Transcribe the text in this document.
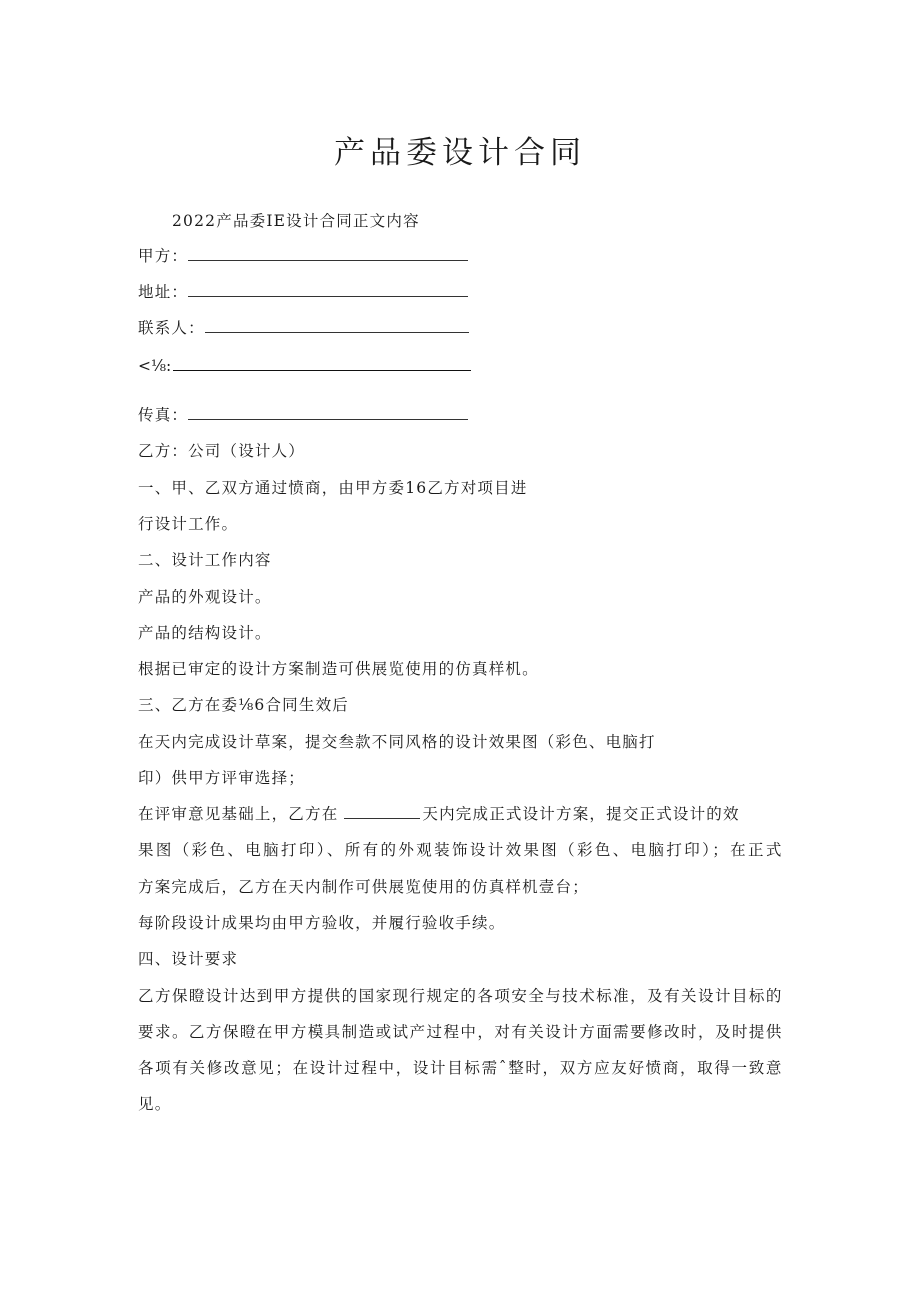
产品委设计合同
2022产品委IE设计合同正文内容
甲方：
地址：
联系人：
<⅛:
传真：
乙方：公司（设计人）
一、甲、乙双方通过愤商，由甲方委16乙方对项目进
行设计工作。
二、设计工作内容
产品的外观设计。
产品的结构设计。
根据已审定的设计方案制造可供展览使用的仿真样机。
三、乙方在委⅛6合同生效后
在天内完成设计草案，提交叁款不同风格的设计效果图（彩色、电脑打
印）供甲方评审选择；
在评审意见基础上，乙方在	天内完成正式设计方案，提交正式设计的效
果图（彩色、电脑打印）、所有的外观装饰设计效果图（彩色、电脑打印）；在正式
方案完成后，乙方在天内制作可供展览使用的仿真样机壹台；
每阶段设计成果均由甲方验收，并履行验收手续。
四、设计要求
乙方保瞪设计达到甲方提供的国家现行规定的各项安全与技术标准，及有关设计目标的
要求。乙方保瞪在甲方模具制造或试产过程中，对有关设计方面需要修改时，及时提供
各项有关修改意见；在设计过程中，设计目标需ˆ整时，双方应友好愤商，取得一致意
见。
